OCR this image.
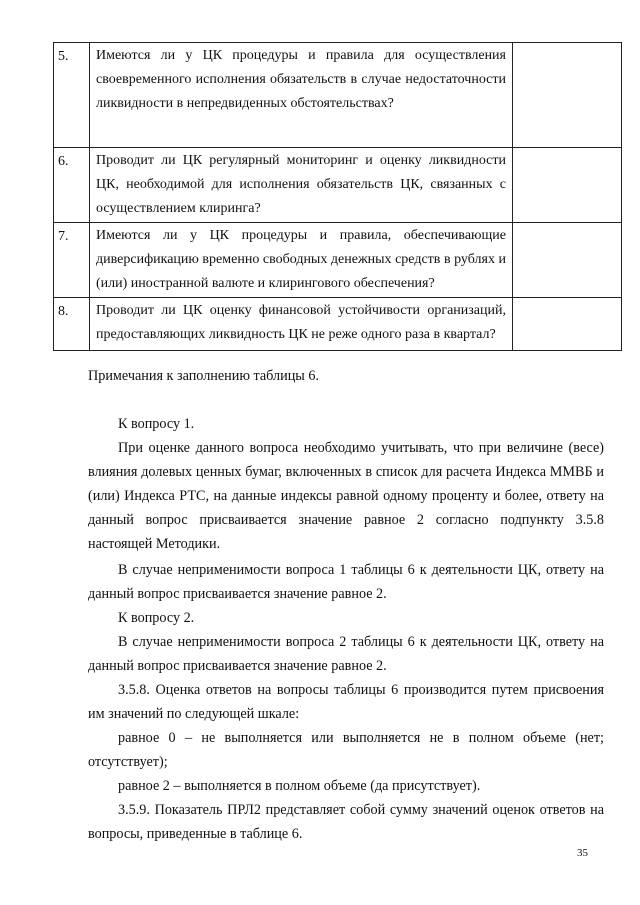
5.	Имеются ли у ЦК процедуры и правила для осуществления своевременного исполнения обязательств в случае недостаточности ликвидности в непредвиденных обстоятельствах?	
6.	Проводит ли ЦК регулярный мониторинг и оценку ликвидности ЦК, необходимой для исполнения обязательств ЦК, связанных с осуществлением клиринга?	
7.	Имеются ли у ЦК процедуры и правила, обеспечивающие диверсификацию временно свободных денежных средств в рублях и (или) иностранной валюте и клирингового обеспечения?	
8.	Проводит ли ЦК оценку финансовой устойчивости организаций, предоставляющих ликвидность ЦК не реже одного раза в квартал?	
Примечания к заполнению таблицы 6.
К вопросу 1.
При оценке данного вопроса необходимо учитывать, что при величине (весе) влияния долевых ценных бумаг, включенных в список для расчета Индекса ММВБ и (или) Индекса РТС, на данные индексы равной одному проценту и более, ответу на данный вопрос присваивается значение равное 2 согласно подпункту 3.5.8 настоящей Методики.
В случае неприменимости вопроса 1 таблицы 6 к деятельности ЦК, ответу на данный вопрос присваивается значение равное 2.
К вопросу 2.
В случае неприменимости вопроса 2 таблицы 6 к деятельности ЦК, ответу на данный вопрос присваивается значение равное 2.
3.5.8. Оценка ответов на вопросы таблицы 6 производится путем присвоения им значений по следующей шкале:
равное 0 – не выполняется или выполняется не в полном объеме (нет; отсутствует);
равное 2 – выполняется в полном объеме (да присутствует).
3.5.9. Показатель ПРЛ2 представляет собой сумму значений оценок ответов на вопросы, приведенные в таблице 6.
35
